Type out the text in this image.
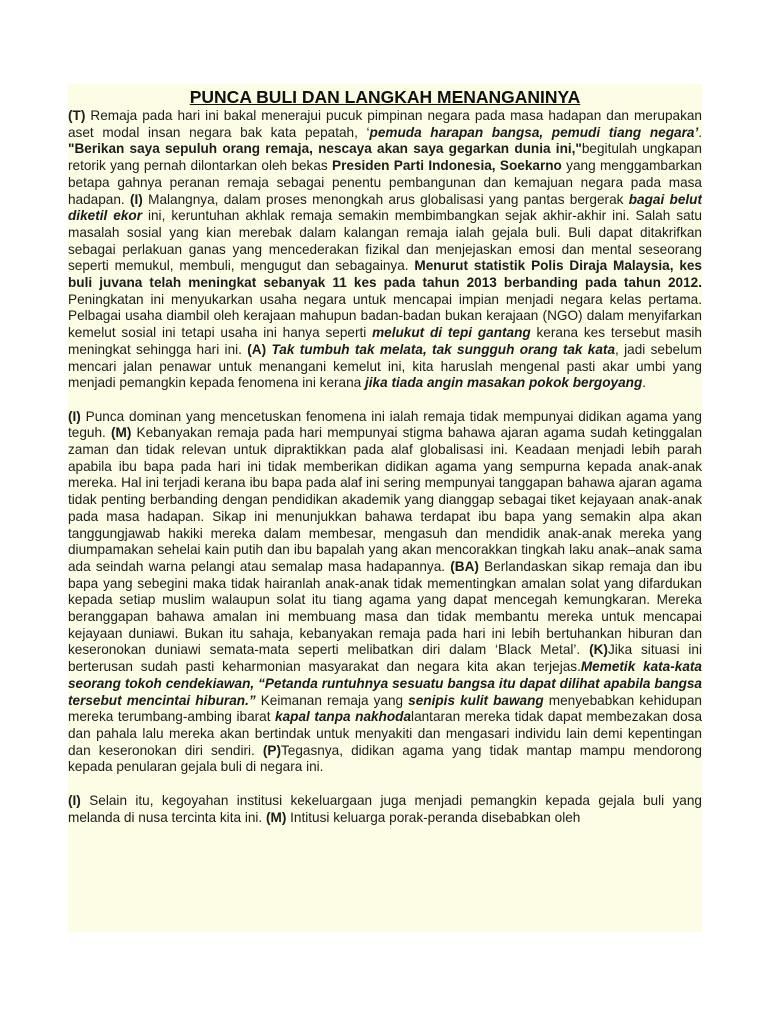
PUNCA BULI DAN LANGKAH MENANGANINYA

(T) Remaja pada hari ini bakal menerajui pucuk pimpinan negara pada masa hadapan dan merupakan aset modal insan negara bak kata pepatah, ‘pemuda harapan bangsa, pemudi tiang negara’. "Berikan saya sepuluh orang remaja, nescaya akan saya gegarkan dunia ini,"begitulah ungkapan retorik yang pernah dilontarkan oleh bekas Presiden Parti Indonesia, Soekarno yang menggambarkan betapa gahnya peranan remaja sebagai penentu pembangunan dan kemajuan negara pada masa hadapan. (I) Malangnya, dalam proses menongkah arus globalisasi yang pantas bergerak bagai belut diketil ekor ini, keruntuhan akhlak remaja semakin membimbangkan sejak akhir-akhir ini. Salah satu masalah sosial yang kian merebak dalam kalangan remaja ialah gejala buli. Buli dapat ditakrifkan sebagai perlakuan ganas yang mencederakan fizikal dan menjejaskan emosi dan mental seseorang seperti memukul, membuli, mengugut dan sebagainya. Menurut statistik Polis Diraja Malaysia, kes buli juvana telah meningkat sebanyak 11 kes pada tahun 2013 berbanding pada tahun 2012. Peningkatan ini menyukarkan usaha negara untuk mencapai impian menjadi negara kelas pertama. Pelbagai usaha diambil oleh kerajaan mahupun badan-badan bukan kerajaan (NGO) dalam menyifarkan kemelut sosial ini tetapi usaha ini hanya seperti melukut di tepi gantang kerana kes tersebut masih meningkat sehingga hari ini. (A) Tak tumbuh tak melata, tak sungguh orang tak kata, jadi sebelum mencari jalan penawar untuk menangani kemelut ini, kita haruslah mengenal pasti akar umbi yang menjadi pemangkin kepada fenomena ini kerana jika tiada angin masakan pokok bergoyang.

(I) Punca dominan yang mencetuskan fenomena ini ialah remaja tidak mempunyai didikan agama yang teguh. (M) Kebanyakan remaja pada hari mempunyai stigma bahawa ajaran agama sudah ketinggalan zaman dan tidak relevan untuk dipraktikkan pada alaf globalisasi ini. Keadaan menjadi lebih parah apabila ibu bapa pada hari ini tidak memberikan didikan agama yang sempurna kepada anak-anak mereka. Hal ini terjadi kerana ibu bapa pada alaf ini sering mempunyai tanggapan bahawa ajaran agama tidak penting berbanding dengan pendidikan akademik yang dianggap sebagai tiket kejayaan anak-anak pada masa hadapan. Sikap ini menunjukkan bahawa terdapat ibu bapa yang semakin alpa akan tanggungjawab hakiki mereka dalam membesar, mengasuh dan mendidik anak-anak mereka yang diumpamakan sehelai kain putih dan ibu bapalah yang akan mencorakkan tingkah laku anak–anak sama ada seindah warna pelangi atau semalap masa hadapannya. (BA) Berlandaskan sikap remaja dan ibu bapa yang sebegini maka tidak hairanlah anak-anak tidak mementingkan amalan solat yang difardukan kepada setiap muslim walaupun solat itu tiang agama yang dapat mencegah kemungkaran. Mereka beranggapan bahawa amalan ini membuang masa dan tidak membantu mereka untuk mencapai kejayaan duniawi. Bukan itu sahaja, kebanyakan remaja pada hari ini lebih bertuhankan hiburan dan keseronokan duniawi semata-mata seperti melibatkan diri dalam ‘Black Metal’. (K)Jika situasi ini berterusan sudah pasti keharmonian masyarakat dan negara kita akan terjejas.Memetik kata-kata seorang tokoh cendekiawan, “Petanda runtuhnya sesuatu bangsa itu dapat dilihat apabila bangsa tersebut mencintai hiburan.” Keimanan remaja yang senipis kulit bawang menyebabkan kehidupan mereka terumbang-ambing ibarat kapal tanpa nakhodalantaran mereka tidak dapat membezakan dosa dan pahala lalu mereka akan bertindak untuk menyakiti dan mengasari individu lain demi kepentingan dan keseronokan diri sendiri. (P)Tegasnya, didikan agama yang tidak mantap mampu mendorong kepada penularan gejala buli di negara ini.

(I) Selain itu, kegoyahan institusi kekeluargaan juga menjadi pemangkin kepada gejala buli yang melanda di nusa tercinta kita ini. (M) Intitusi keluarga porak-peranda disebabkan oleh
